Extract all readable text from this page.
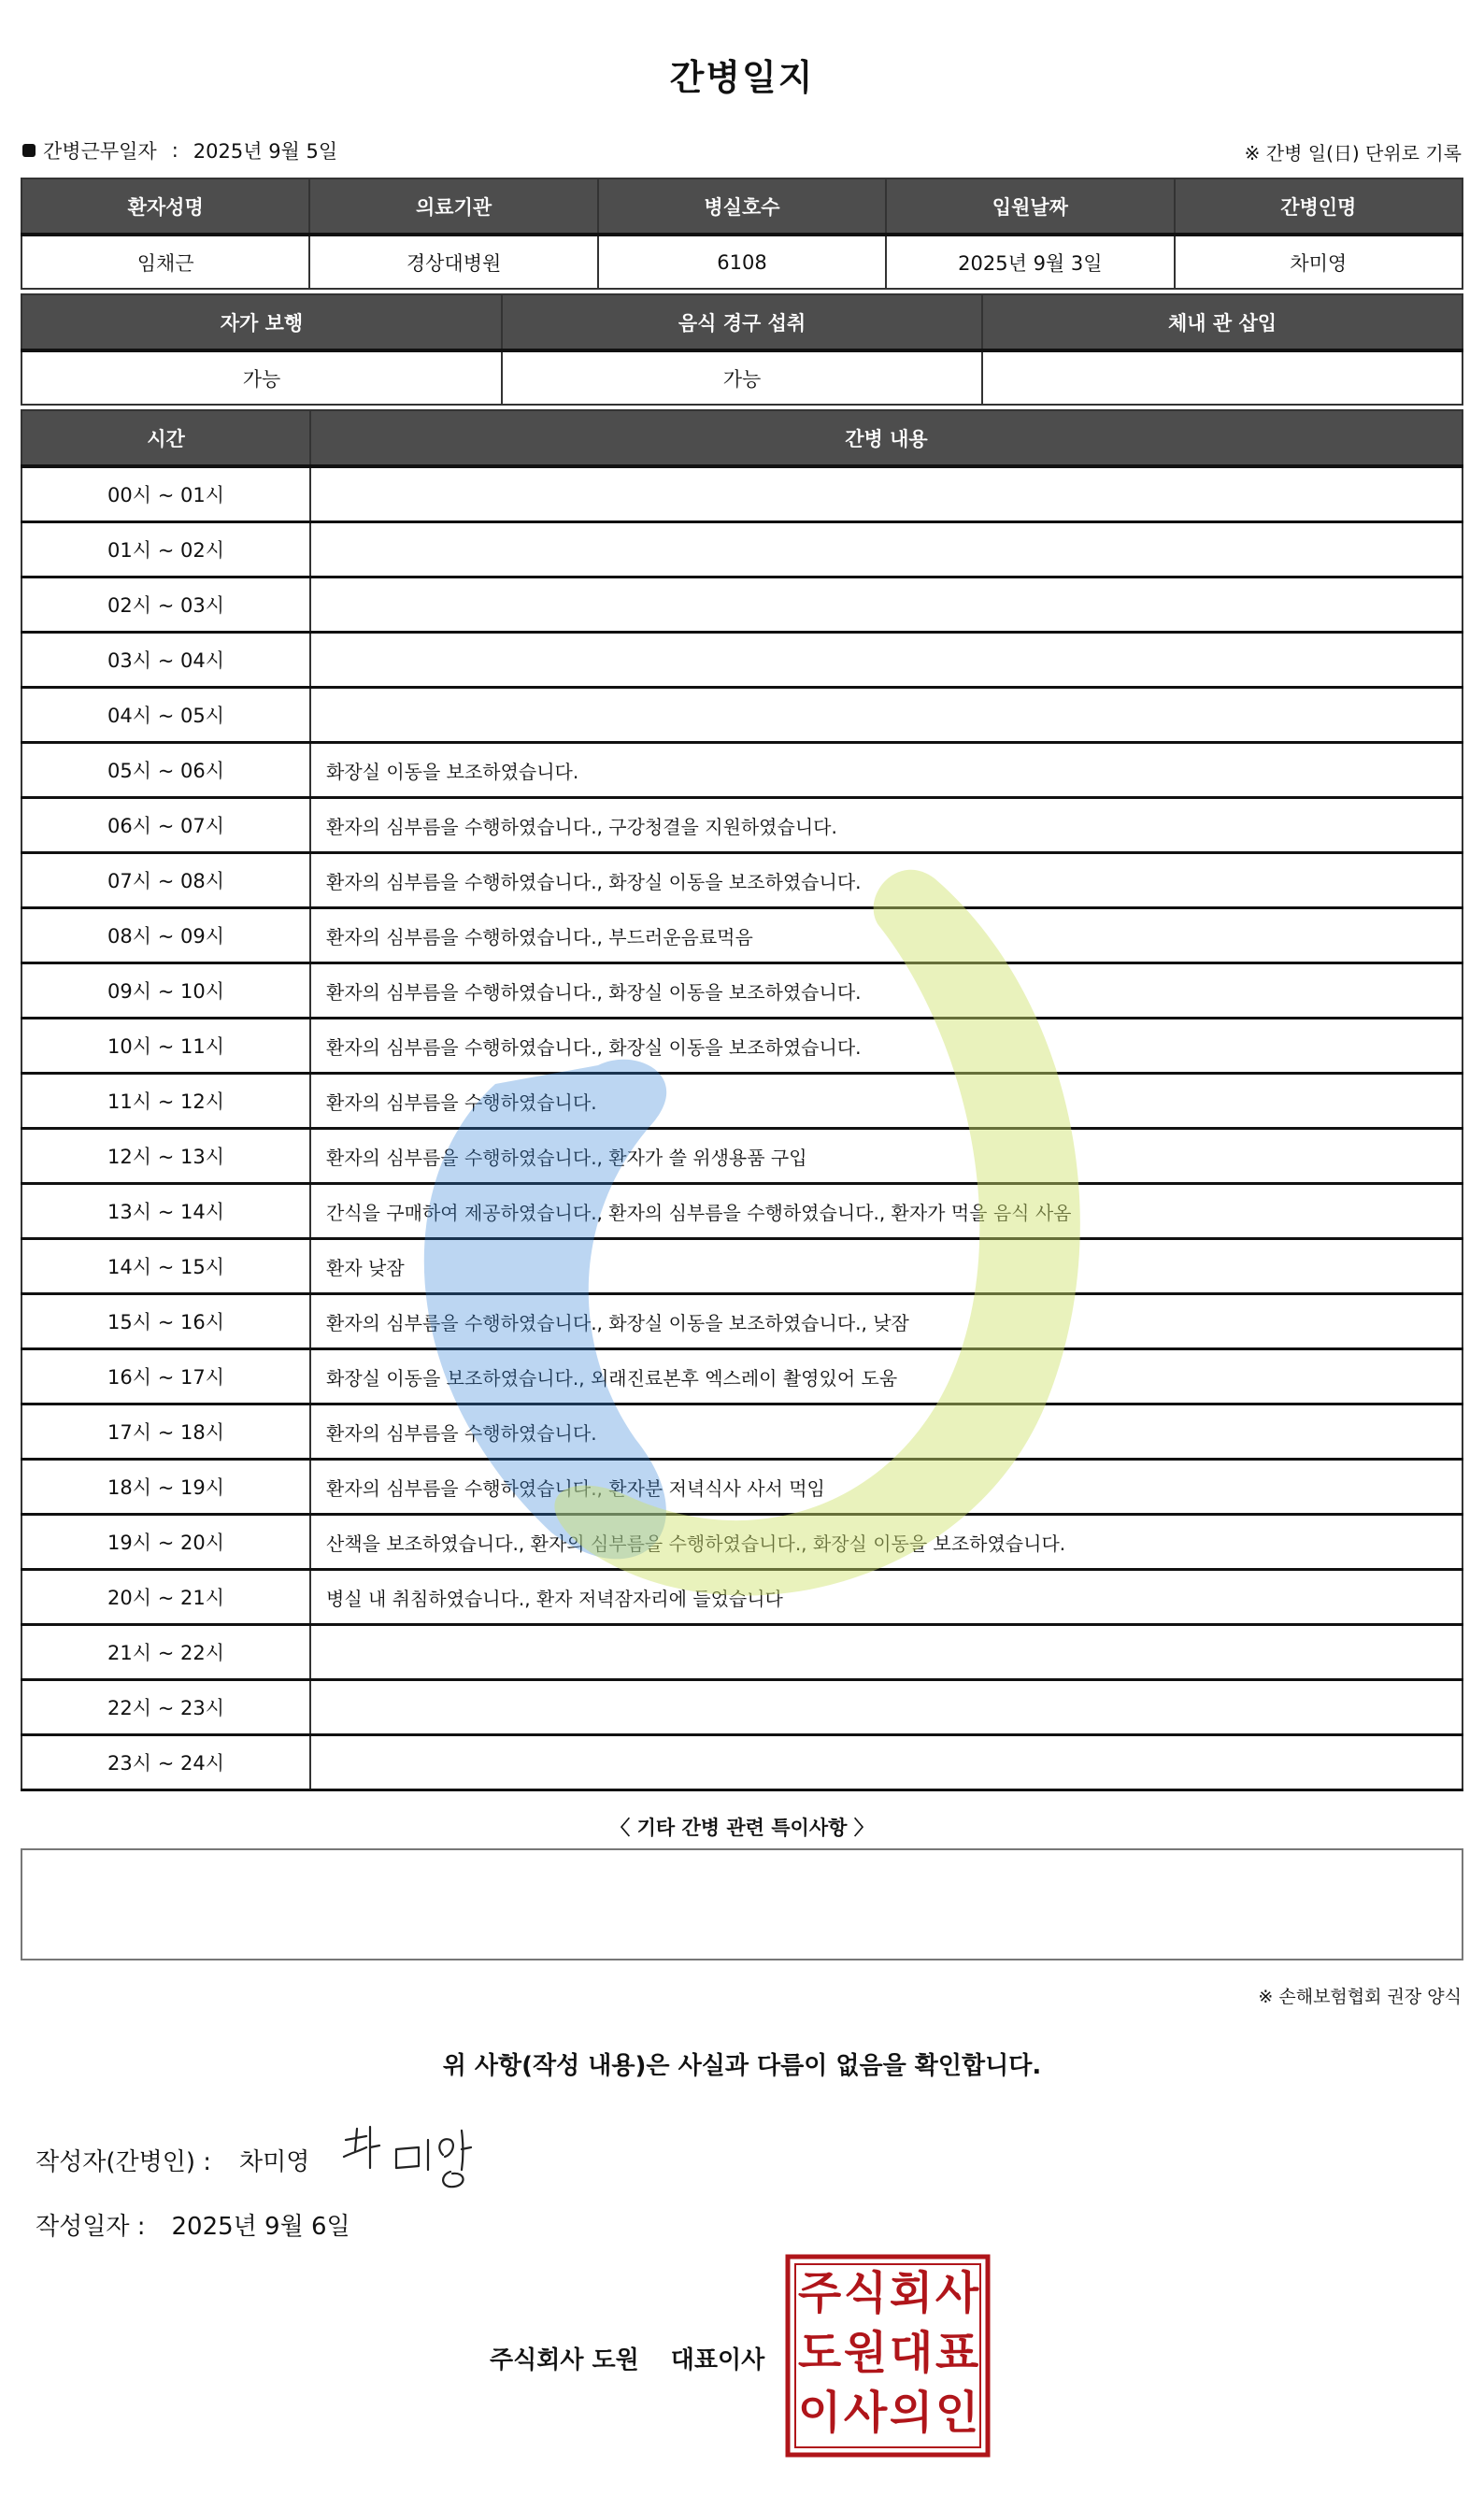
간병일지
간병근무일자 : 2025년 9월 5일	※ 간병 일(日) 단위로 기록
환자성명	의료기관	병실호수	입원날짜	간병인명
임채근	경상대병원	6108	2025년 9월 3일	차미영
자가 보행	음식 경구 섭취	체내 관 삽입
가능	가능	
시간	간병 내용
00시 ~ 01시	
01시 ~ 02시	
02시 ~ 03시	
03시 ~ 04시	
04시 ~ 05시	
05시 ~ 06시	화장실 이동을 보조하였습니다.
06시 ~ 07시	환자의 심부름을 수행하였습니다., 구강청결을 지원하였습니다.
07시 ~ 08시	환자의 심부름을 수행하였습니다., 화장실 이동을 보조하였습니다.
08시 ~ 09시	환자의 심부름을 수행하였습니다., 부드러운음료먹음
09시 ~ 10시	환자의 심부름을 수행하였습니다., 화장실 이동을 보조하였습니다.
10시 ~ 11시	환자의 심부름을 수행하였습니다., 화장실 이동을 보조하였습니다.
11시 ~ 12시	환자의 심부름을 수행하였습니다.
12시 ~ 13시	환자의 심부름을 수행하였습니다., 환자가 쓸 위생용품 구입
13시 ~ 14시	간식을 구매하여 제공하였습니다., 환자의 심부름을 수행하였습니다., 환자가 먹을 음식 사옴
14시 ~ 15시	환자 낮잠
15시 ~ 16시	환자의 심부름을 수행하였습니다., 화장실 이동을 보조하였습니다., 낮잠
16시 ~ 17시	화장실 이동을 보조하였습니다., 외래진료본후 엑스레이 촬영있어 도움
17시 ~ 18시	환자의 심부름을 수행하였습니다.
18시 ~ 19시	환자의 심부름을 수행하였습니다., 환자분 저녁식사 사서 먹임
19시 ~ 20시	산책을 보조하였습니다., 환자의 심부름을 수행하였습니다., 화장실 이동을 보조하였습니다.
20시 ~ 21시	병실 내 취침하였습니다., 환자 저녁잠자리에 들었습니다
21시 ~ 22시	
22시 ~ 23시	
23시 ~ 24시	
〈 기타 간병 관련 특이사항 〉
※ 손해보험협회 권장 양식
위 사항(작성 내용)은 사실과 다름이 없음을 확인합니다.
작성자(간병인) : 차미영
작성일자 : 2025년 9월 6일
주식회사 도원 대표이사
주 식 회 사
도 원 대 표
이 사 의 인
